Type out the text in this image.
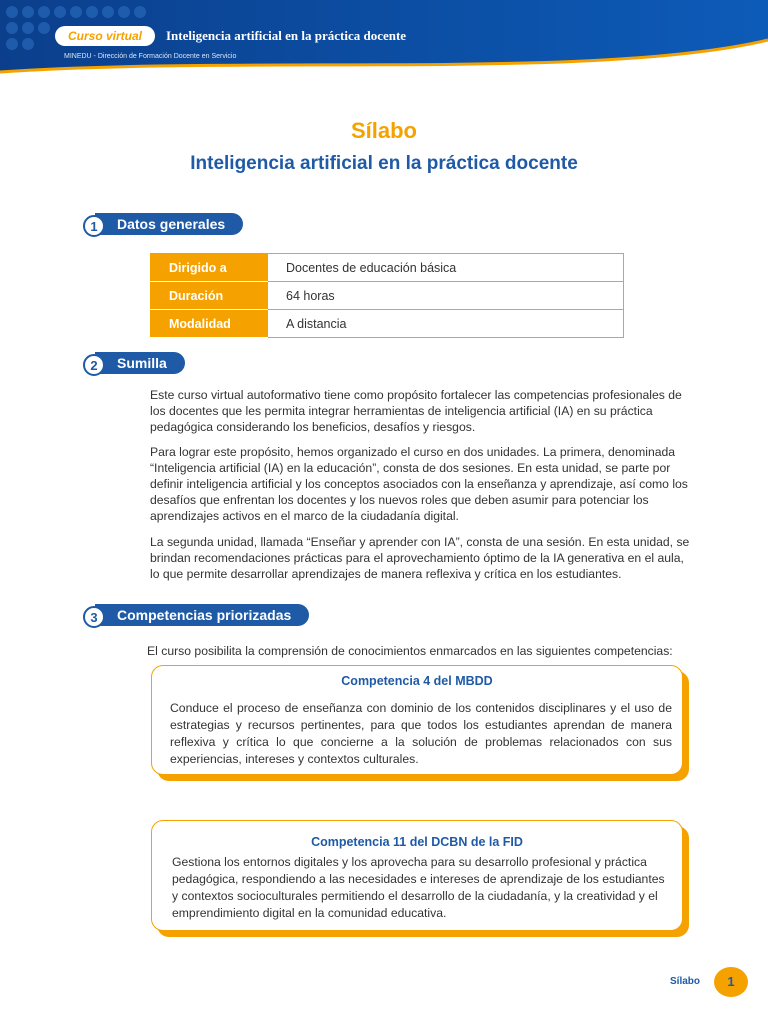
Curso virtual	Inteligencia artificial en la práctica docente
MINEDU - Dirección de Formación Docente en Servicio
Sílabo
Inteligencia artificial en la práctica docente
1	Datos generales
Dirigido a	Docentes de educación básica
Duración	64 horas
Modalidad	A distancia
2	Sumilla

Este curso virtual autoformativo tiene como propósito fortalecer las competencias profesionales de los docentes que les permita integrar herramientas de inteligencia artificial (IA) en su práctica pedagógica considerando los beneficios, desafíos y riesgos.

Para lograr este propósito, hemos organizado el curso en dos unidades. La primera, denominada “Inteligencia artificial (IA) en la educación”, consta de dos sesiones. En esta unidad, se parte por definir inteligencia artificial y los conceptos asociados con la enseñanza y aprendizaje, así como los desafíos que enfrentan los docentes y los nuevos roles que deben asumir para potenciar los aprendizajes activos en el marco de la ciudadanía digital.

La segunda unidad, llamada “Enseñar y aprender con IA”, consta de una sesión. En esta unidad, se brindan recomendaciones prácticas para el aprovechamiento óptimo de la IA generativa en el aula, lo que permite desarrollar aprendizajes de manera reflexiva y crítica en los estudiantes.

3	Competencias priorizadas

El curso posibilita la comprensión de conocimientos enmarcados en las siguientes competencias:

Competencia 4 del MBDD

Conduce el proceso de enseñanza con dominio de los contenidos disciplinares y el uso de estrategias y recursos pertinentes, para que todos los estudiantes aprendan de manera reflexiva y crítica lo que concierne a la solución de problemas relacionados con sus experiencias, intereses y contextos culturales.

Competencia 11 del DCBN de la FID

Gestiona los entornos digitales y los aprovecha para su desarrollo profesional y práctica pedagógica, respondiendo a las necesidades e intereses de aprendizaje de los estudiantes y contextos socioculturales permitiendo el desarrollo de la ciudadanía, y la creatividad y el emprendimiento digital en la comunidad educativa.

Sílabo	1
